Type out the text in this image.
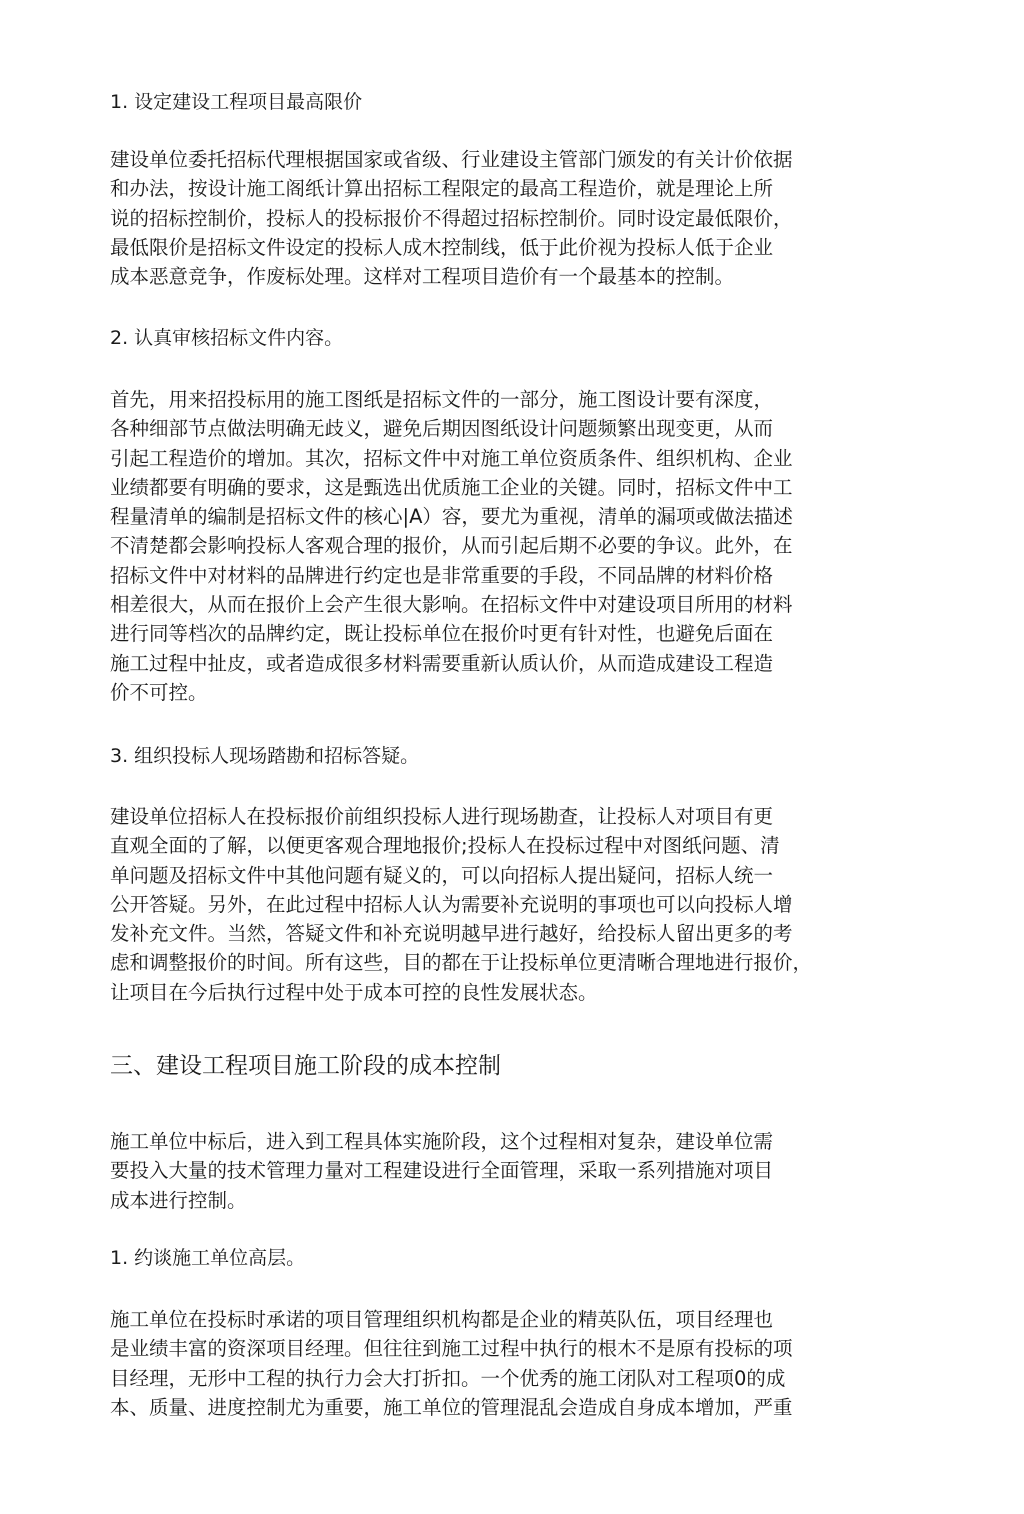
1. 设定建设工程项目最高限价
建设单位委托招标代理根据国家或省级、行业建设主管部门颁发的有关计价依据
和办法，按设计施工阁纸计算出招标工程限定的最高工程造价，就是理论上所
说的招标控制价，投标人的投标报价不得超过招标控制价。同时设定最低限价，
最低限价是招标文件设定的投标人成木控制线，低于此价视为投标人低于企业
成本恶意竞争，作废标处理。这样对工程项目造价有一个最基本的控制。
2. 认真审核招标文件内容。
首先，用来招投标用的施工图纸是招标文件的一部分，施工图设计要有深度，
各种细部节点做法明确无歧义，避免后期因图纸设计问题频繁出现变更，从而
引起工程造价的增加。其次，招标文件中对施工单位资质条件、组织机构、企业
业绩都要有明确的要求，这是甄选出优质施工企业的关键。同时，招标文件中工
程量清单的编制是招标文件的核心|A）容，要尤为重视，清单的漏项或做法描述
不清楚都会影响投标人客观合理的报价，从而引起后期不必要的争议。此外，在
招标文件中对材料的品牌进行约定也是非常重要的手段，不同品牌的材料价格
相差很大，从而在报价上会产生很大影响。在招标文件中对建设项目所用的材料
进行同等档次的品牌约定，既让投标单位在报价吋更有针对性，也避免后面在
施工过程中扯皮，或者造成很多材料需要重新认质认价，从而造成建设工程造
价不可控。
3. 组织投标人现场踏勘和招标答疑。
建设单位招标人在投标报价前组织投标人进行现场勘查，让投标人对项目有更
直观全面的了解，以便更客观合理地报价;投标人在投标过程中对图纸问题、清
单问题及招标文件中其他问题有疑义的，可以向招标人提出疑问，招标人统一
公开答疑。另外，在此过程中招标人认为需要补充说明的事项也可以向投标人增
发补充文件。当然，答疑文件和补充说明越早进行越好，给投标人留出更多的考
虑和调整报价的时间。所有这些，目的都在于让投标单位更清晰合理地进行报价，
让项目在今后执行过程中处于成本可控的良性发展状态。
三、建设工程项目施工阶段的成本控制
施工单位中标后，进入到工程具体实施阶段，这个过程相对复杂，建设单位需
要投入大量的技术管理力量对工程建设进行全面管理，采取一系列措施对项目
成本进行控制。
1. 约谈施工单位高层。
施工单位在投标时承诺的项目管理组织机构都是企业的精英队伍，项目经理也
是业绩丰富的资深项目经理。但往往到施工过程中执行的根木不是原有投标的项
目经理，无形中工程的执行力会大打折扣。一个优秀的施工闭队对工程项0的成
本、质量、进度控制尤为重要，施工单位的管理混乱会造成自身成本增加，严重
